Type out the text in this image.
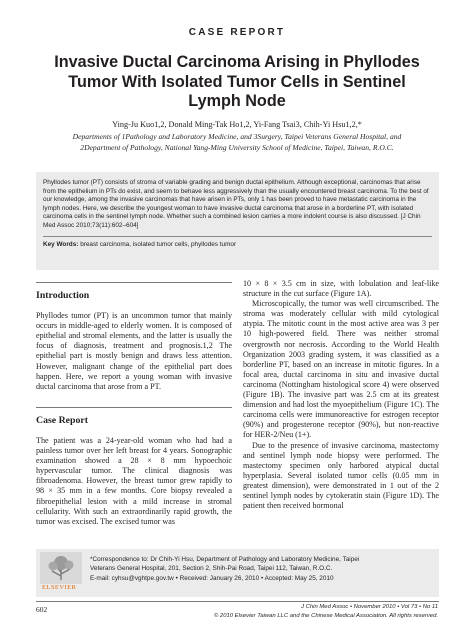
CASE REPORT
Invasive Ductal Carcinoma Arising in Phyllodes Tumor With Isolated Tumor Cells in Sentinel Lymph Node
Ying-Ju Kuo1,2, Donald Ming-Tak Ho1,2, Yi-Fang Tsai3, Chih-Yi Hsu1,2,*
Departments of 1Pathology and Laboratory Medicine, and 3Surgery, Taipei Veterans General Hospital, and
2Department of Pathology, National Yang-Ming University School of Medicine, Taipei, Taiwan, R.O.C.

Phyllodes tumor (PT) consists of stroma of variable grading and benign ductal epithelium. Although exceptional, carcinomas that arise from the epithelium in PTs do exist, and seem to behave less aggressively than the usually encountered breast carcinoma. To the best of our knowledge, among the invasive carcinomas that have arisen in PTs, only 1 has been proved to have metastatic carcinoma in the lymph nodes. Here, we describe the youngest woman to have invasive ductal carcinoma that arose in a borderline PT, with isolated carcinoma cells in the sentinel lymph node. Whether such a combined lesion carries a more indolent course is also discussed. [J Chin Med Assoc 2010;73(11):602–604]

Key Words: breast carcinoma, isolated tumor cells, phyllodes tumor

Introduction

Phyllodes tumor (PT) is an uncommon tumor that mainly occurs in middle-aged to elderly women. It is composed of epithelial and stromal elements, and the latter is usually the focus of diagnosis, treatment and prognosis.1,2 The epithelial part is mostly benign and draws less attention. However, malignant change of the epithelial part does happen. Here, we report a young woman with invasive ductal carcinoma that arose from a PT.

Case Report

The patient was a 24-year-old woman who had had a painless tumor over her left breast for 4 years. Sonographic examination showed a 28 × 8 mm hypoechoic hypervascular tumor. The clinical diagnosis was fibroadenoma. However, the breast tumor grew rapidly to 98 × 35 mm in a few months. Core biopsy revealed a fibroepithelial lesion with a mild increase in stromal cellularity. With such an extraordinarily rapid growth, the tumor was excised. The excised tumor was

10 × 8 × 3.5 cm in size, with lobulation and leaf-like structure in the cut surface (Figure 1A).

Microscopically, the tumor was well circumscribed. The stroma was moderately cellular with mild cytological atypia. The mitotic count in the most active area was 3 per 10 high-powered field. There was neither stromal overgrowth nor necrosis. According to the World Health Organization 2003 grading system, it was classified as a borderline PT, based on an increase in mitotic figures. In a focal area, ductal carcinoma in situ and invasive ductal carcinoma (Nottingham histological score 4) were observed (Figure 1B). The invasive part was 2.5 cm at its greatest dimension and had lost the myoepithelium (Figure 1C). The carcinoma cells were immunoreactive for estrogen receptor (90%) and progesterone receptor (90%), but non-reactive for HER-2/Neu (1+).

Due to the presence of invasive carcinoma, mastectomy and sentinel lymph node biopsy were performed. The mastectomy specimen only harbored atypical ductal hyperplasia. Several isolated tumor cells (0.05 mm in greatest dimension), were demonstrated in 1 out of the 2 sentinel lymph nodes by cytokeratin stain (Figure 1D). The patient then received hormonal

ELSEVIER
*Correspondence to: Dr Chih-Yi Hsu, Department of Pathology and Laboratory Medicine, Taipei
Veterans General Hospital, 201, Section 2, Shih-Pai Road, Taipei 112, Taiwan, R.O.C.
E-mail: cyhsu@vghtpe.gov.tw • Received: January 26, 2010 • Accepted: May 25, 2010
602	J Chin Med Assoc • November 2010 • Vol 73 • No 11
© 2010 Elsevier Taiwan LLC and the Chinese Medical Association. All rights reserved.
